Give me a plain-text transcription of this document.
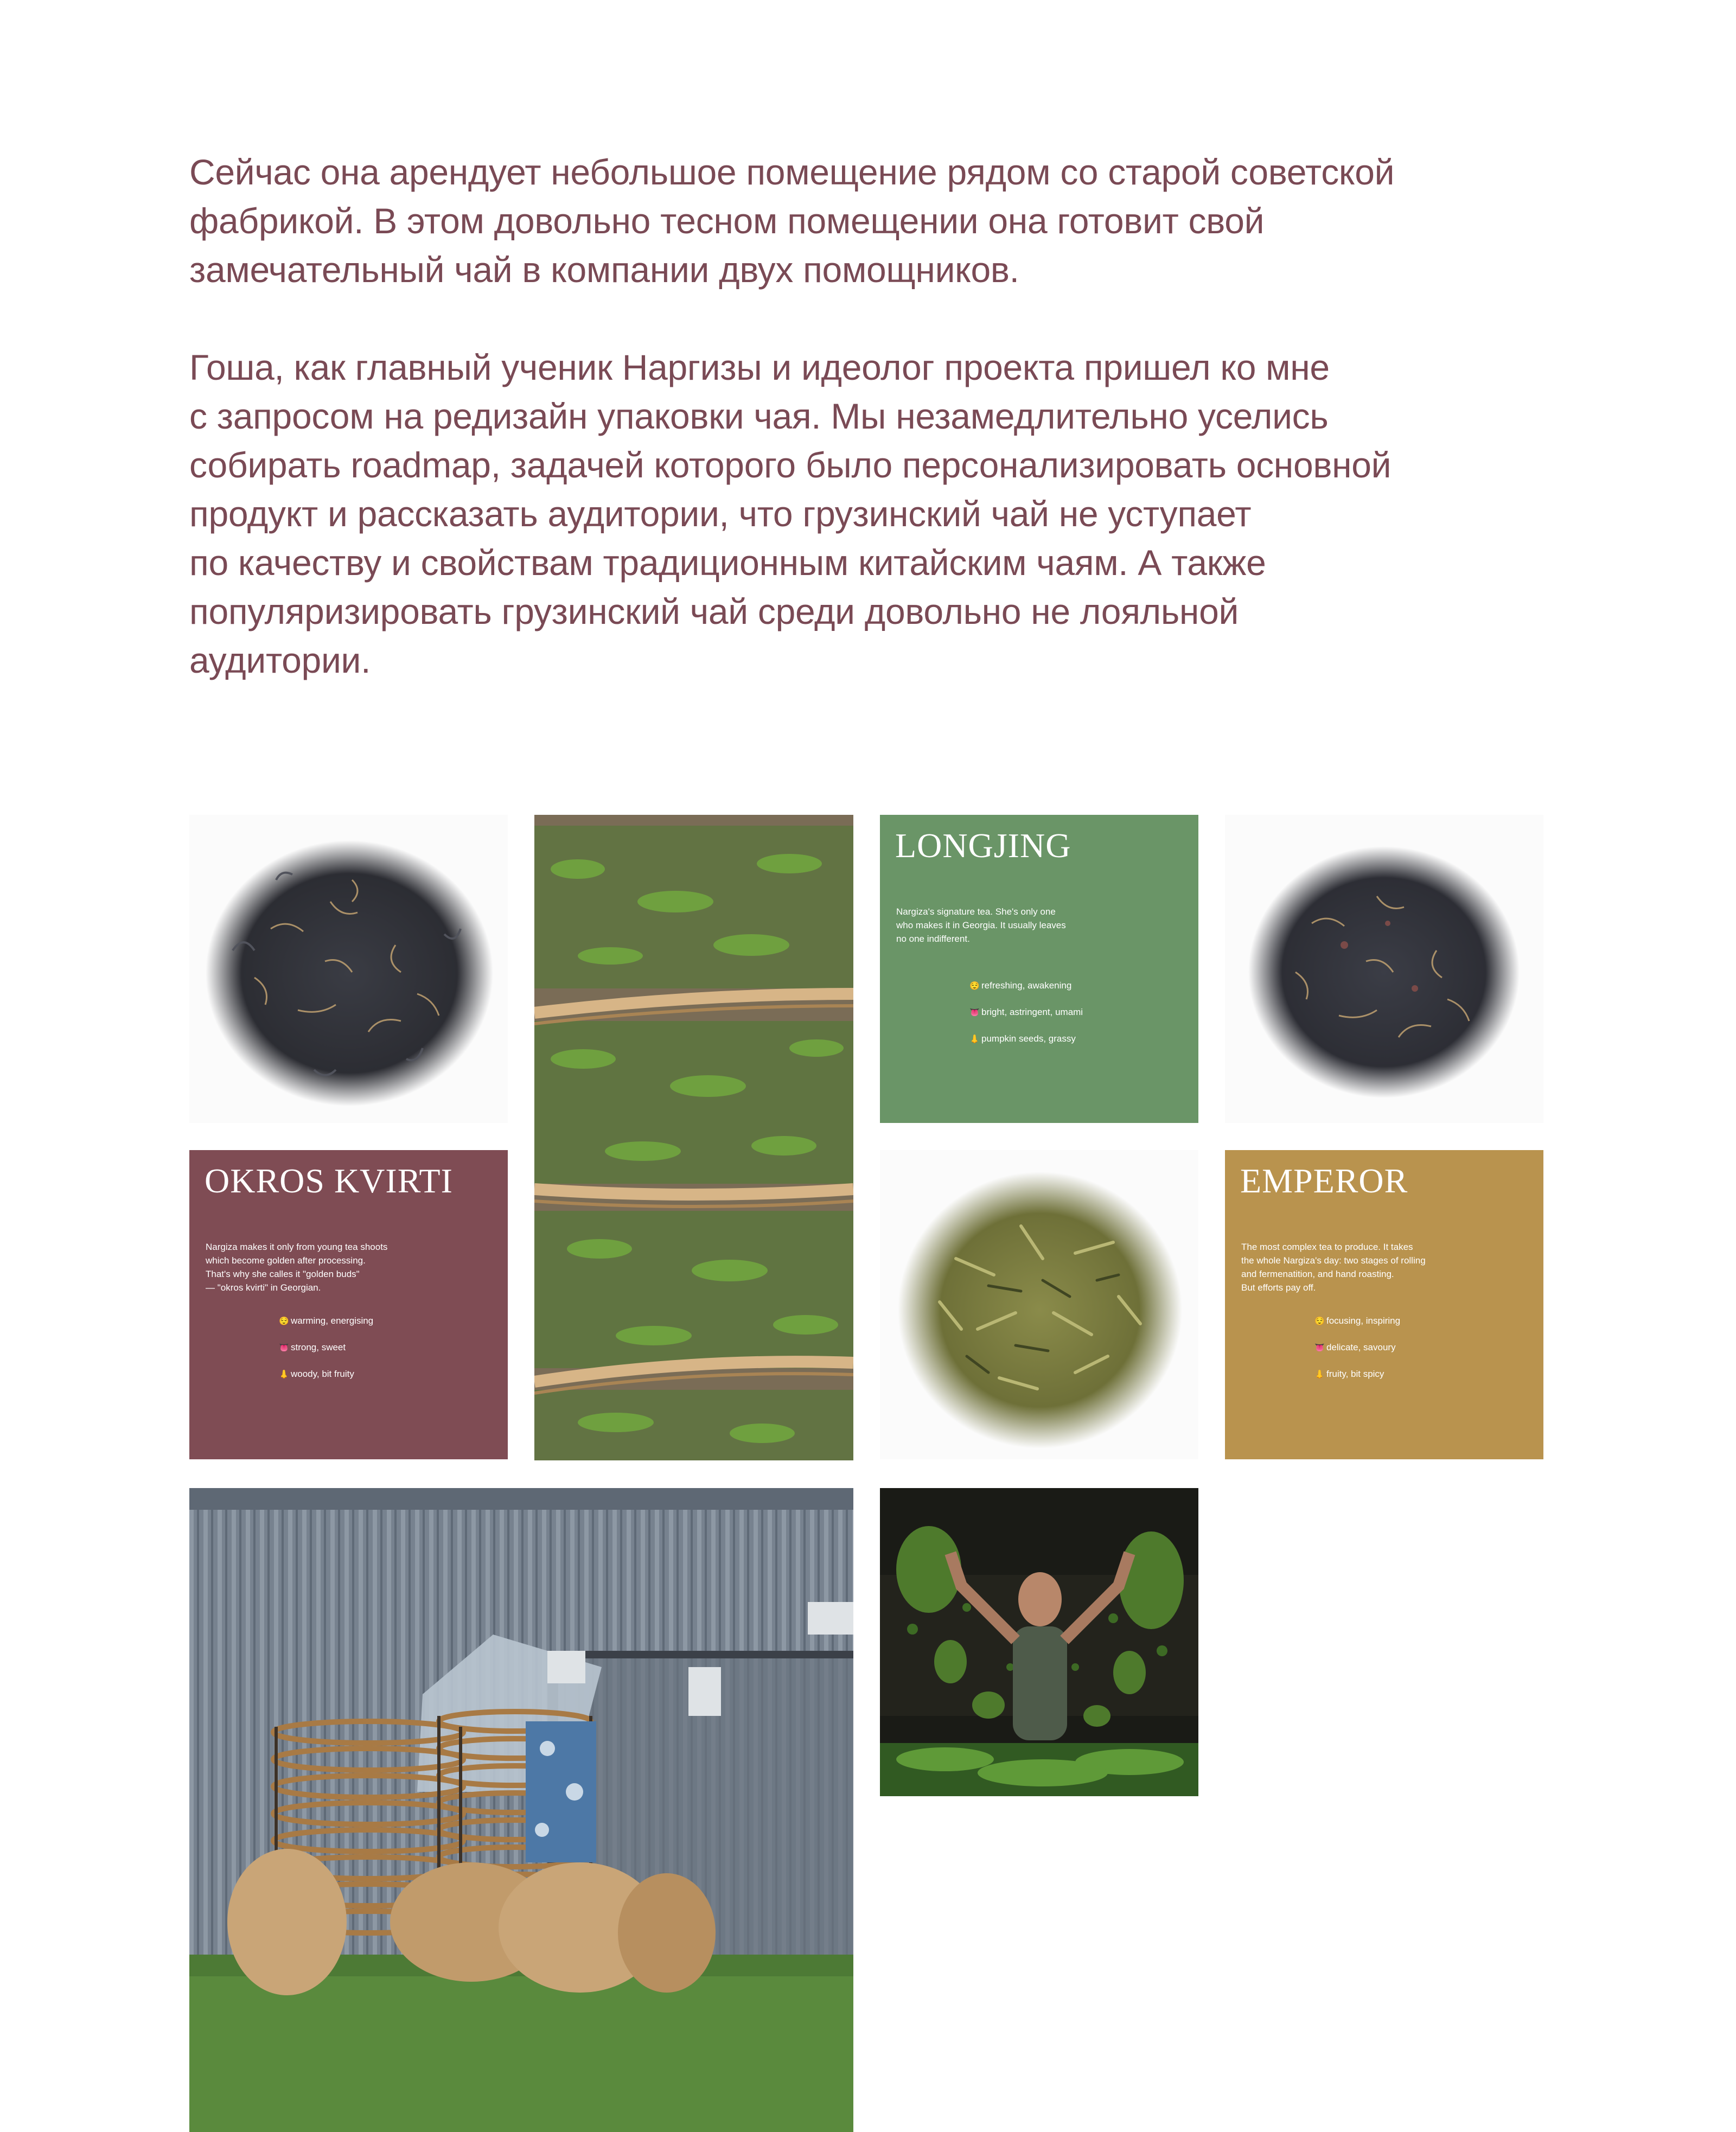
Сейчас она арендует небольшое помещение рядом со старой советской
фабрикой. В этом довольно тесном помещении она готовит свой
замечательный чай в компании двух помощников.
Гоша, как главный ученик Наргизы и идеолог проекта пришел ко мне
с запросом на редизайн упаковки чая. Мы незамедлительно уселись
собирать roadmap, задачей которого было персонализировать основной
продукт и рассказать аудитории, что грузинский чай не уступает
по качеству и свойствам традиционным китайским чаям. А также
популяризировать грузинский чай среди довольно не лояльной
аудитории.
LONGJING
Nargiza's signature tea. She's only one
who makes it in Georgia. It usually leaves
no one indifferent.
😌 refreshing, awakening
👅 bright, astringent, umami
👃 pumpkin seeds, grassy
OKROS KVIRTI
Nargiza makes it only from young tea shoots
which become golden after processing.
That's why she calles it "golden buds"
— "okros kvirti" in Georgian.
😌 warming, energising
👅 strong, sweet
👃 woody, bit fruity
EMPEROR
The most complex tea to produce. It takes
the whole Nargiza's day: two stages of rolling
and fermenatition, and hand roasting.
But efforts pay off.
😌 focusing, inspiring
👅 delicate, savoury
👃 fruity, bit spicy
